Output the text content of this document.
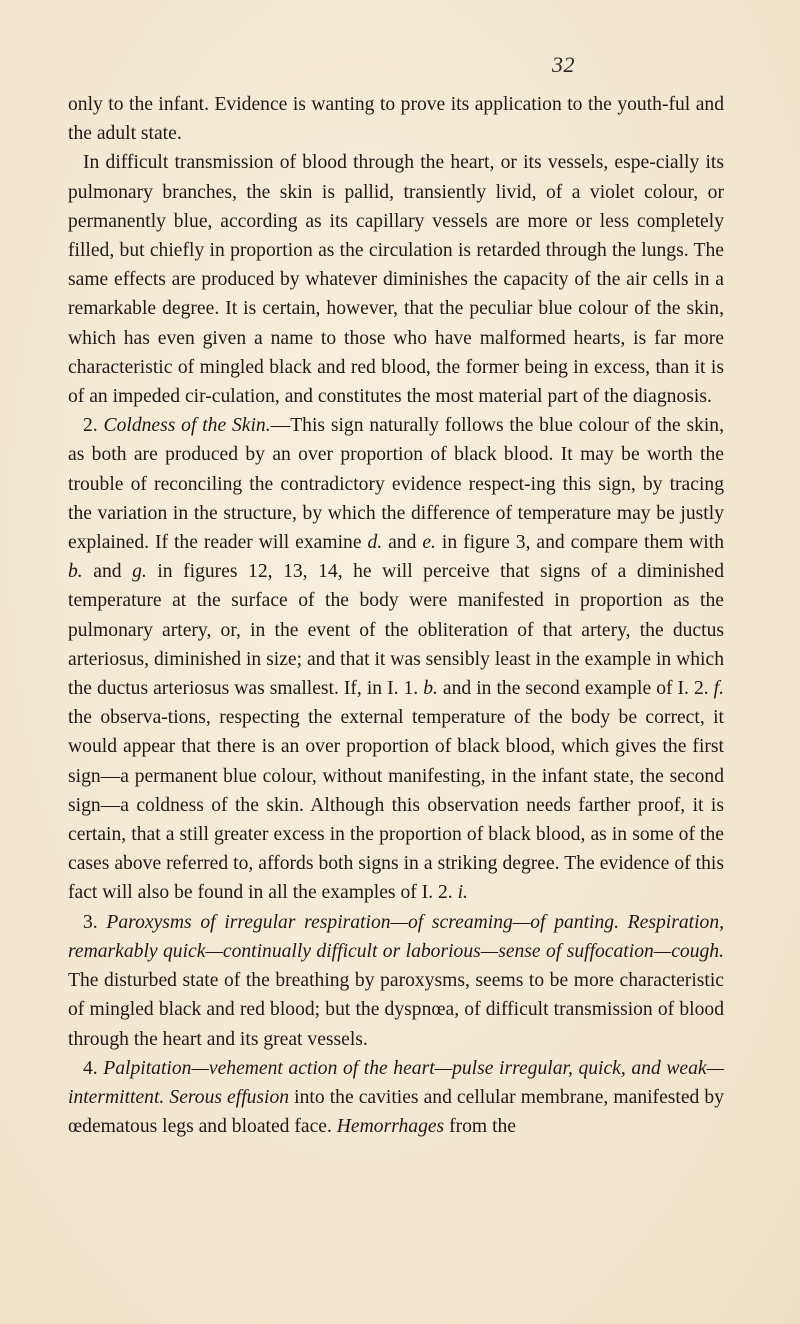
32

only to the infant. Evidence is wanting to prove its application to the youth-ful and the adult state.

In difficult transmission of blood through the heart, or its vessels, espe-cially its pulmonary branches, the skin is pallid, transiently livid, of a violet colour, or permanently blue, according as its capillary vessels are more or less completely filled, but chiefly in proportion as the circulation is retarded through the lungs. The same effects are produced by whatever diminishes the capacity of the air cells in a remarkable degree. It is certain, however, that the peculiar blue colour of the skin, which has even given a name to those who have malformed hearts, is far more characteristic of mingled black and red blood, the former being in excess, than it is of an impeded cir-culation, and constitutes the most material part of the diagnosis.

2. Coldness of the Skin.—This sign naturally follows the blue colour of the skin, as both are produced by an over proportion of black blood. It may be worth the trouble of reconciling the contradictory evidence respect-ing this sign, by tracing the variation in the structure, by which the difference of temperature may be justly explained. If the reader will examine d. and e. in figure 3, and compare them with b. and g. in figures 12, 13, 14, he will perceive that signs of a diminished temperature at the surface of the body were manifested in proportion as the pulmonary artery, or, in the event of the obliteration of that artery, the ductus arteriosus, diminished in size; and that it was sensibly least in the example in which the ductus arteriosus was smallest. If, in I. 1. b. and in the second example of I. 2. f. the observa-tions, respecting the external temperature of the body be correct, it would appear that there is an over proportion of black blood, which gives the first sign—a permanent blue colour, without manifesting, in the infant state, the second sign—a coldness of the skin. Although this observation needs farther proof, it is certain, that a still greater excess in the proportion of black blood, as in some of the cases above referred to, affords both signs in a striking degree. The evidence of this fact will also be found in all the examples of I. 2. i.

3. Paroxysms of irregular respiration—of screaming—of panting. Respiration, remarkably quick—continually difficult or laborious—sense of suffocation—cough. The disturbed state of the breathing by paroxysms, seems to be more characteristic of mingled black and red blood; but the dyspnœa, of difficult transmission of blood through the heart and its great vessels.

4. Palpitation—vehement action of the heart—pulse irregular, quick, and weak—intermittent. Serous effusion into the cavities and cellular membrane, manifested by œdematous legs and bloated face. Hemorrhages from the
